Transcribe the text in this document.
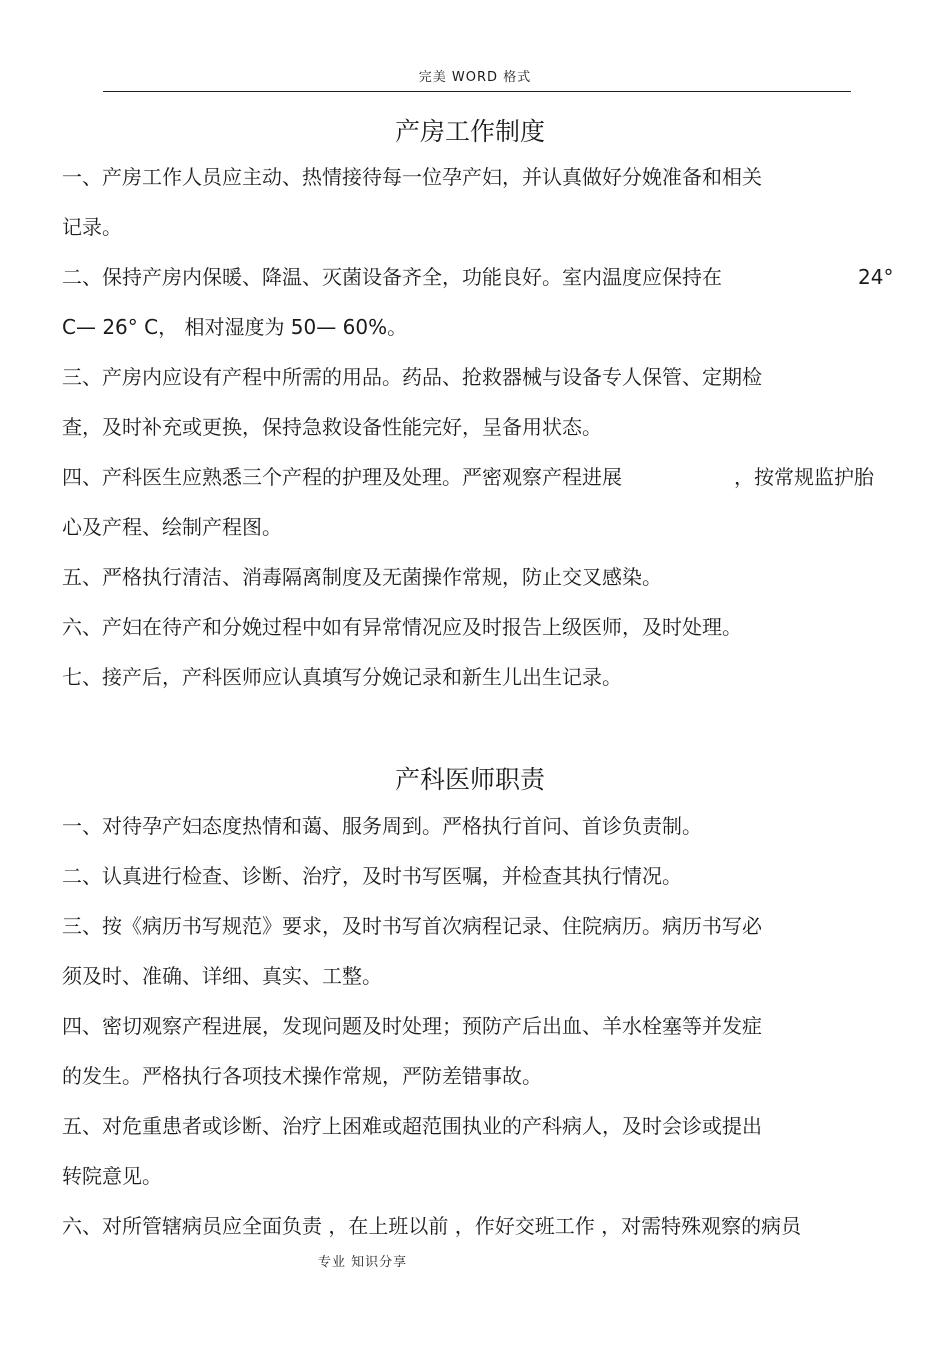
完美 WORD 格式
产房工作制度
一、产房工作人员应主动、热情接待每一位孕产妇，并认真做好分娩准备和相关
记录。
二、保持产房内保暖、降温、灭菌设备齐全，功能良好。室内温度应保持在	24°
C— 26° C， 相对湿度为 50— 60%。
三、产房内应设有产程中所需的用品。药品、抢救器械与设备专人保管、定期检
查，及时补充或更换，保持急救设备性能完好，呈备用状态。
四、产科医生应熟悉三个产程的护理及处理。严密观察产程进展	，按常规监护胎
心及产程、绘制产程图。
五、严格执行清洁、消毒隔离制度及无菌操作常规，防止交叉感染。
六、产妇在待产和分娩过程中如有异常情况应及时报告上级医师，及时处理。
七、接产后，产科医师应认真填写分娩记录和新生儿出生记录。
产科医师职责
一、对待孕产妇态度热情和蔼、服务周到。严格执行首问、首诊负责制。
二、认真进行检查、诊断、治疗，及时书写医嘱，并检查其执行情况。
三、按《病历书写规范》要求，及时书写首次病程记录、住院病历。病历书写必
须及时、准确、详细、真实、工整。
四、密切观察产程进展，发现问题及时处理；预防产后出血、羊水栓塞等并发症
的发生。严格执行各项技术操作常规，严防差错事故。
五、对危重患者或诊断、治疗上困难或超范围执业的产科病人，及时会诊或提出
转院意见。
六、对所管辖病员应全面负责 ，在上班以前 ，作好交班工作 ，对需特殊观察的病员
专业 知识分享
